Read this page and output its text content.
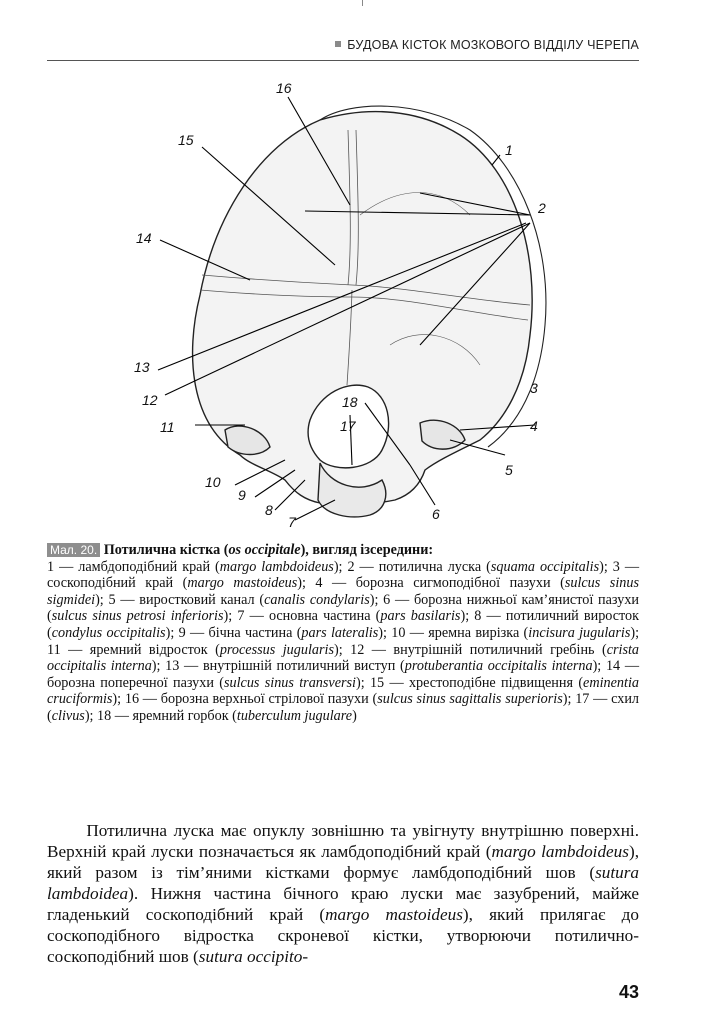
БУДОВА КІСТОК МОЗКОВОГО ВІДДІЛУ ЧЕРЕПА
1
2
3
4
5
6
7
8
9
10
11
12
13
14
15
16
17
18

Мал. 20. Потилична кістка (os occipitale), вигляд ізсередини:
1 — ламбдоподібний край (margo lambdoideus); 2 — потилична луска (squama occipitalis); 3 — соскоподібний край (margo mastoideus); 4 — борозна сигмоподібної пазухи (sulcus sinus sigmidei); 5 — виростковий канал (canalis condylaris); 6 — борозна нижньої кам’янистої пазухи (sulcus sinus petrosi inferioris); 7 — основна частина (pars basilaris); 8 — потиличний виросток (condylus occipitalis); 9 — бічна частина (pars lateralis); 10 — яремна вирізка (incisura jugularis); 11 — яремний відросток (processus jugularis); 12 — внутрішній потиличний гребінь (crista occipitalis interna); 13 — внутрішній потиличний виступ (protuberantia occipitalis interna); 14 — борозна поперечної пазухи (sulcus sinus transversi); 15 — хрестоподібне підвищення (eminentia cruciformis); 16 — борозна верхньої стрілової пазухи (sulcus sinus sagittalis superioris); 17 — схил (clivus); 18 — яремний горбок (tuberculum jugulare)

Потилична луска має опуклу зовнішню та увігнуту внутрішню поверхні. Верхній край луски позначається як ламбдоподібний край (margo lambdoideus), який разом із тім’яними кістками формує ламбдоподібний шов (sutura lambdoidea). Нижня частина бічного краю луски має зазубрений, майже гладенький соскоподібний край (margo mastoideus), який прилягає до соскоподібного відростка скроневої кістки, утворюючи потилично-соскоподібний шов (sutura occipito-

43
